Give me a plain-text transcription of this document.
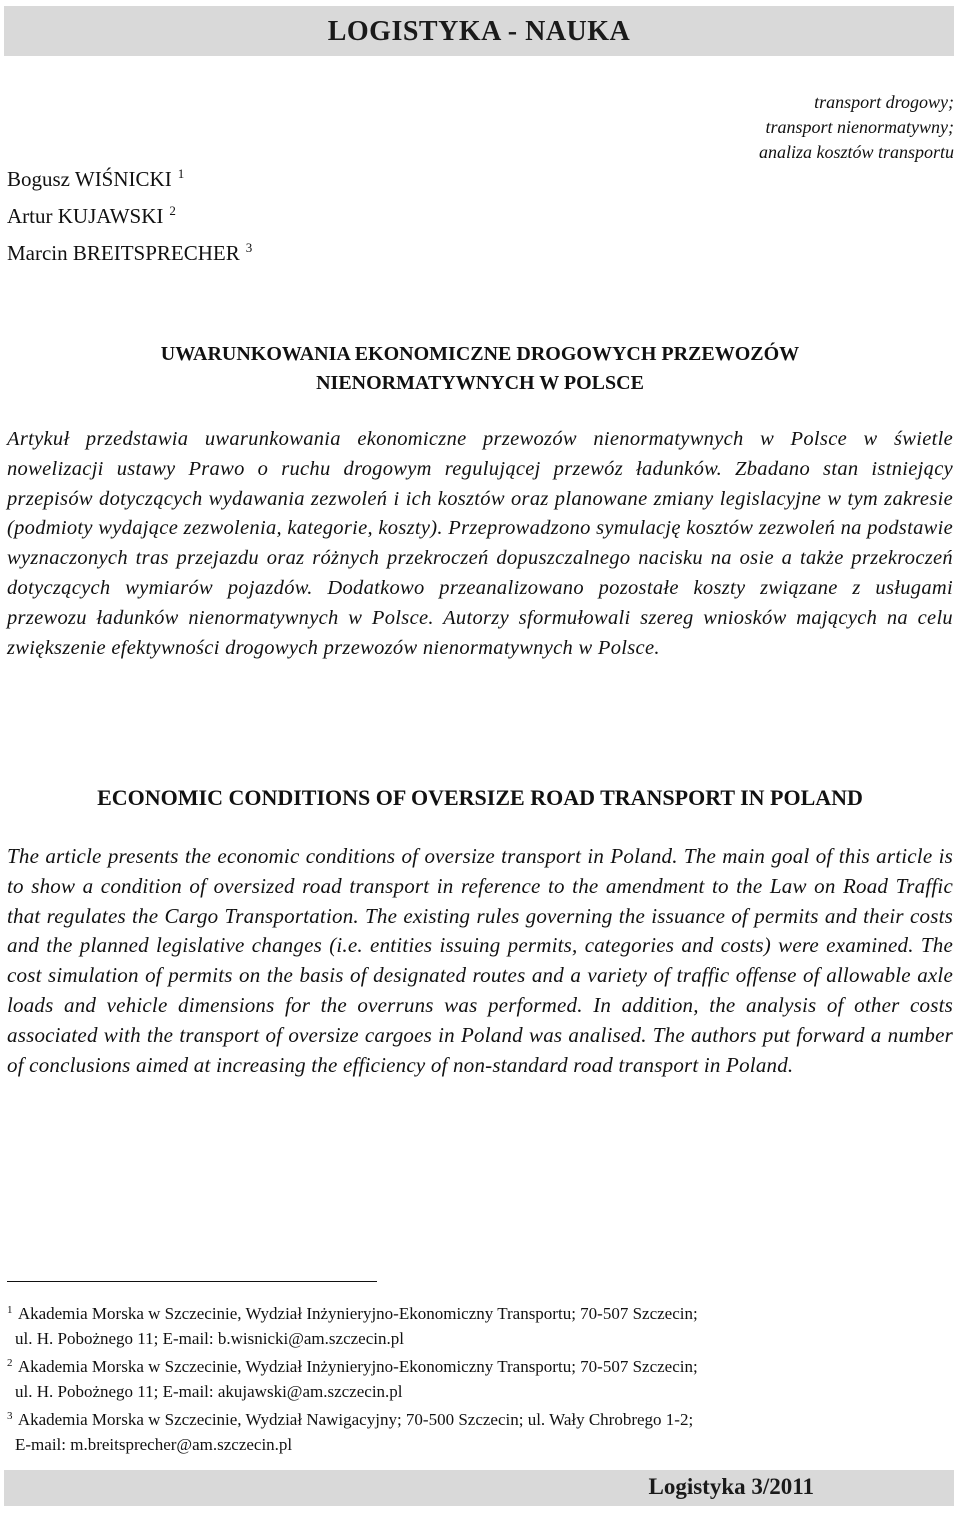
LOGISTYKA - NAUKA
transport drogowy;
transport nienormatywny;
analiza kosztów transportu
Bogusz WIŚNICKI $^1$
Artur KUJAWSKI $^2$
Marcin BREITSPRECHER $^3$
UWARUNKOWANIA EKONOMICZNE DROGOWYCH PRZEWOZÓW
NIENORMATYWNYCH W POLSCE
Artykuł przedstawia uwarunkowania ekonomiczne przewozów nienormatywnych w Polsce w świetle nowelizacji ustawy Prawo o ruchu drogowym regulującej przewóz ładunków. Zbadano stan istniejący przepisów dotyczących wydawania zezwoleń i ich kosztów oraz planowane zmiany legislacyjne w tym zakresie (podmioty wydające zezwolenia, kategorie, koszty). Przeprowadzono symulację kosztów zezwoleń na podstawie wyznaczonych tras przejazdu oraz różnych przekroczeń dopuszczalnego nacisku na osie a także przekroczeń dotyczących wymiarów pojazdów. Dodatkowo przeanalizowano pozostałe koszty związane z usługami przewozu ładunków nienormatywnych w Polsce. Autorzy sformułowali szereg wniosków mających na celu zwiększenie efektywności drogowych przewozów nienormatywnych w Polsce.
ECONOMIC CONDITIONS OF OVERSIZE ROAD TRANSPORT IN POLAND
The article presents the economic conditions of oversize transport in Poland. The main goal of this article is to show a condition of oversized road transport in reference to the amendment to the Law on Road Traffic that regulates the Cargo Transportation. The existing rules governing the issuance of permits and their costs and the planned legislative changes (i.e. entities issuing permits, categories and costs) were examined. The cost simulation of permits on the basis of designated routes and a variety of traffic offense of allowable axle loads and vehicle dimensions for the overruns was performed. In addition, the analysis of other costs associated with the transport of oversize cargoes in Poland was analised. The authors put forward a number of conclusions aimed at increasing the efficiency of non-standard road transport in Poland.

$^1$ Akademia Morska w Szczecinie, Wydział Inżynieryjno-Ekonomiczny Transportu; 70-507 Szczecin;

ul. H. Pobożnego 11; E-mail: b.wisnicki@am.szczecin.pl

$^2$ Akademia Morska w Szczecinie, Wydział Inżynieryjno-Ekonomiczny Transportu; 70-507 Szczecin;

ul. H. Pobożnego 11; E-mail: akujawski@am.szczecin.pl

$^3$ Akademia Morska w Szczecinie, Wydział Nawigacyjny; 70-500 Szczecin; ul. Wały Chrobrego 1-2;

E-mail: m.breitsprecher@am.szczecin.pl

Logistyka 3/2011
